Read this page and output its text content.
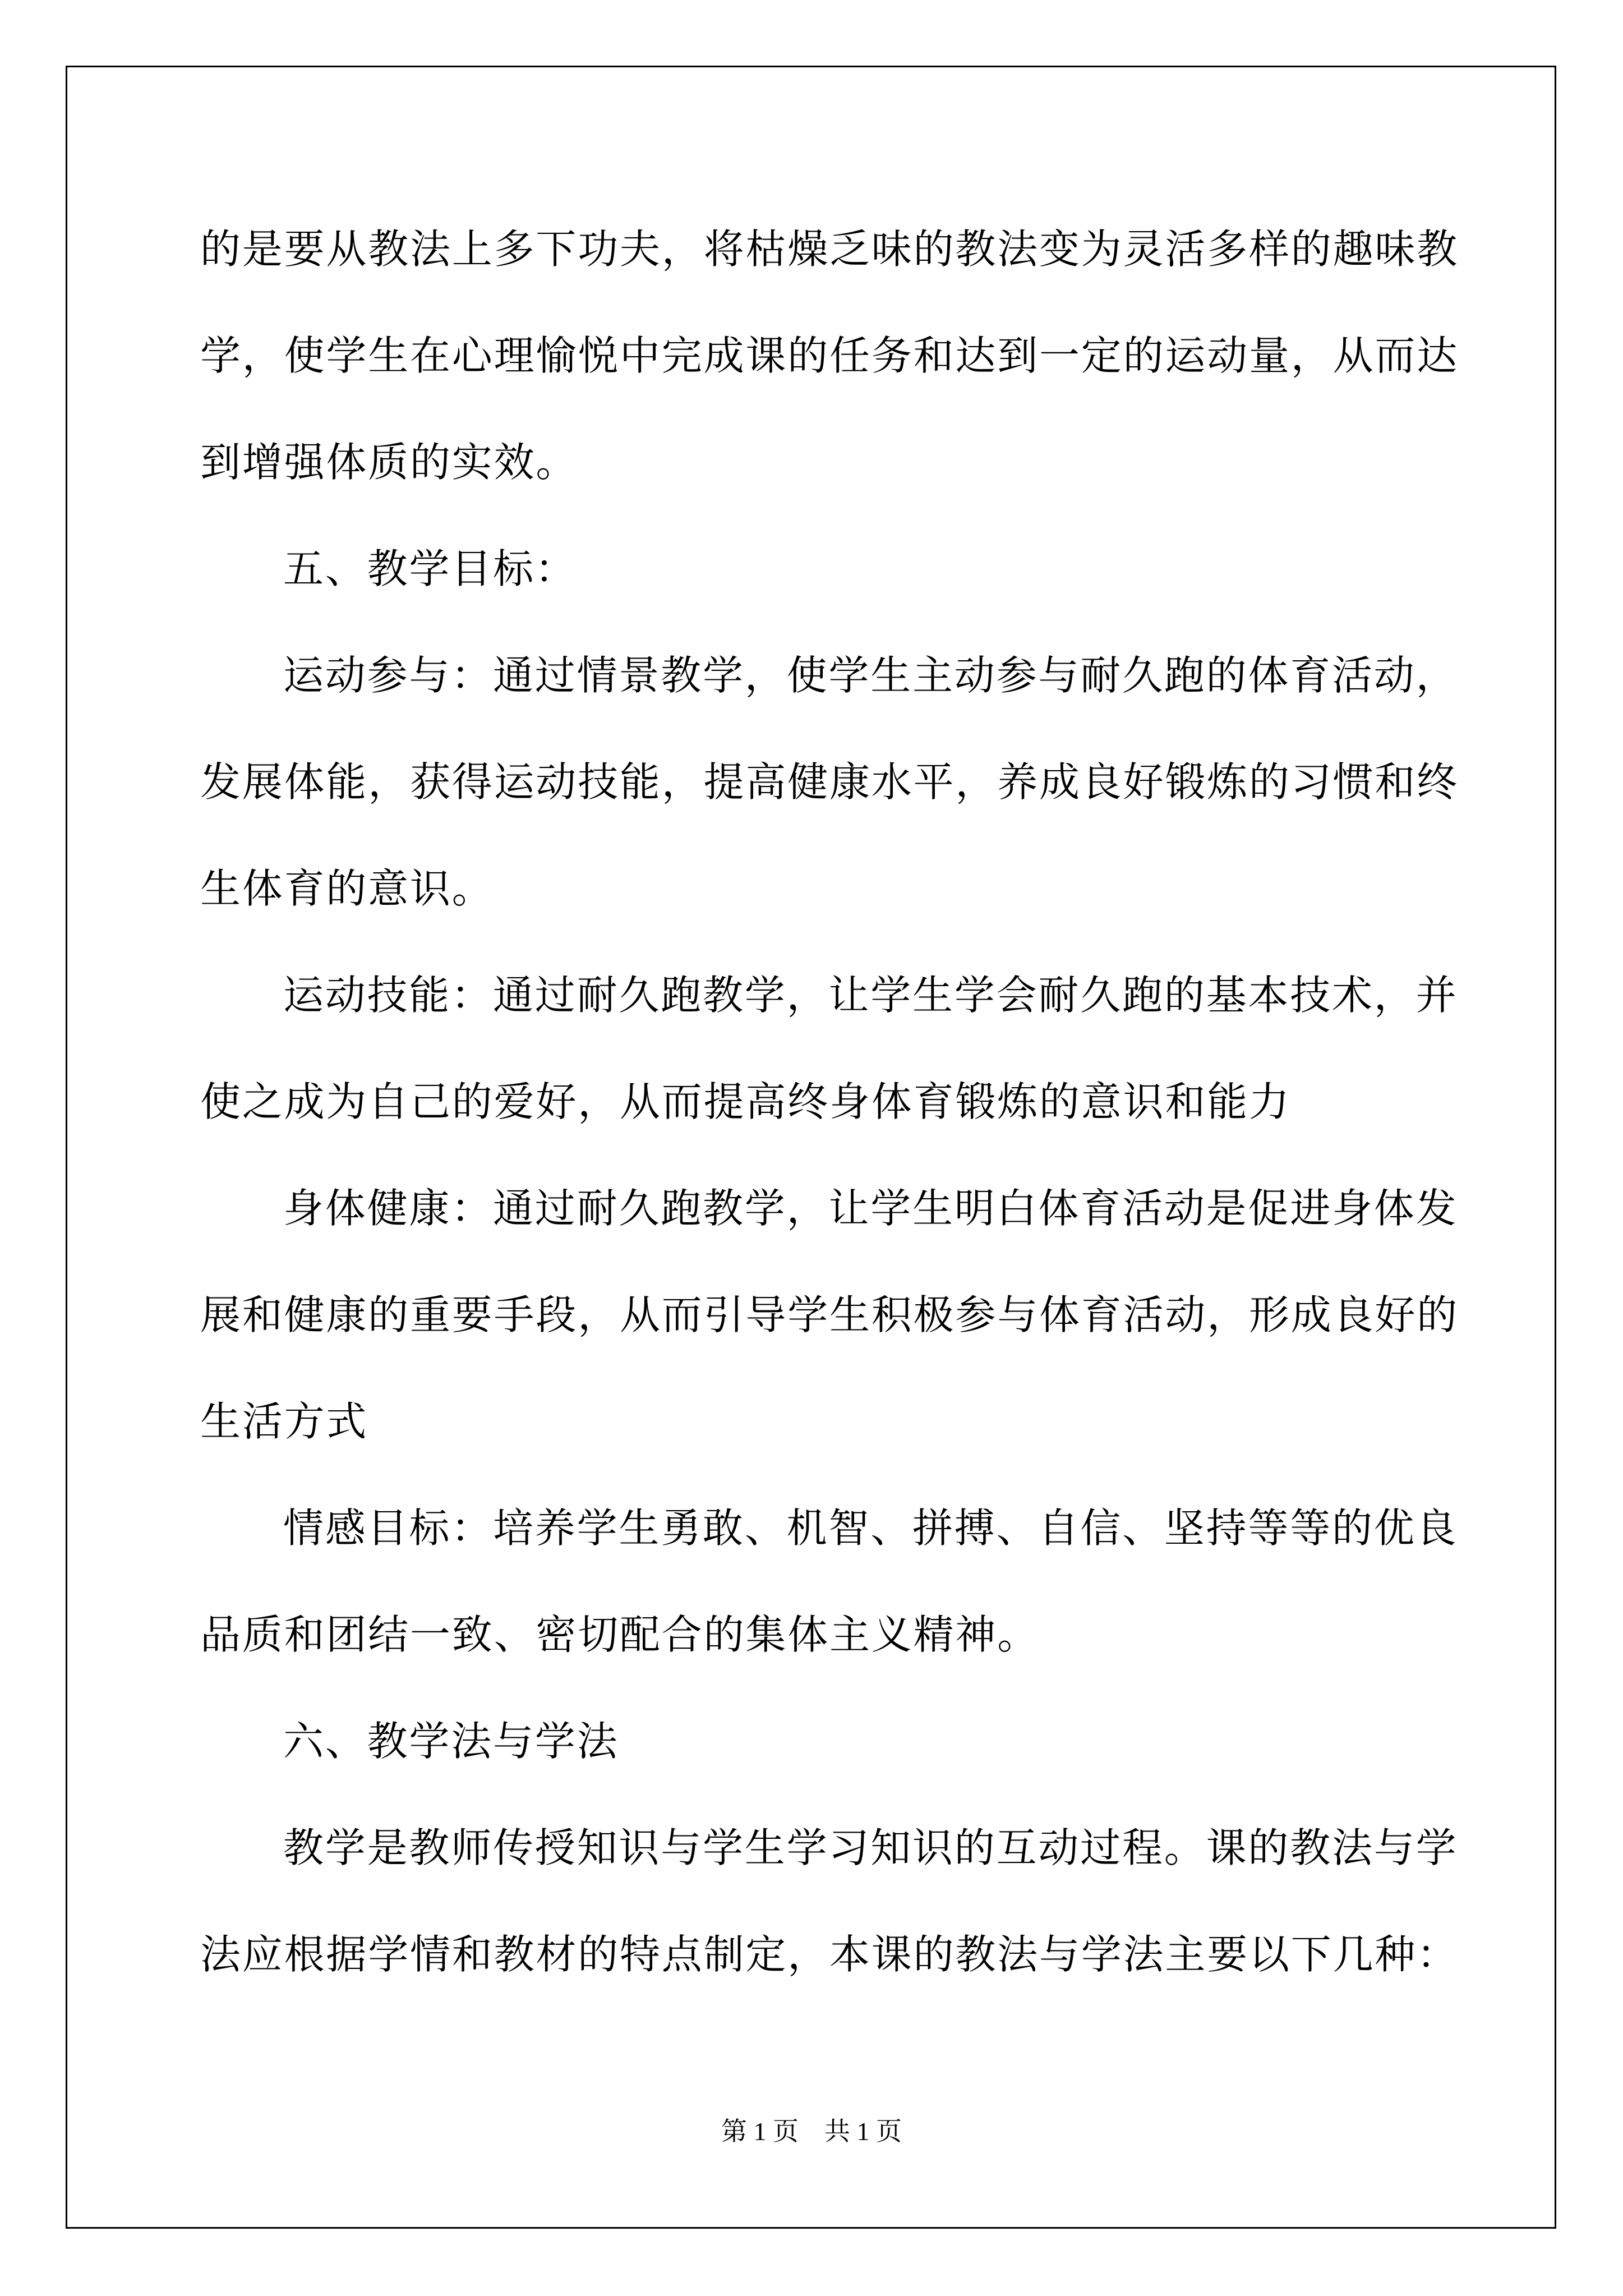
的是要从教法上多下功夫，将枯燥乏味的教法变为灵活多样的趣味教
学，使学生在心理愉悦中完成课的任务和达到一定的运动量，从而达
到增强体质的实效。
五、教学目标：
运动参与：通过情景教学，使学生主动参与耐久跑的体育活动，
发展体能，获得运动技能，提高健康水平，养成良好锻炼的习惯和终
生体育的意识。
运动技能：通过耐久跑教学，让学生学会耐久跑的基本技术，并
使之成为自己的爱好，从而提高终身体育锻炼的意识和能力
身体健康：通过耐久跑教学，让学生明白体育活动是促进身体发
展和健康的重要手段，从而引导学生积极参与体育活动，形成良好的
生活方式
情感目标：培养学生勇敢、机智、拼搏、自信、坚持等等的优良
品质和团结一致、密切配合的集体主义精神。
六、教学法与学法
教学是教师传授知识与学生学习知识的互动过程。课的教法与学
法应根据学情和教材的特点制定，本课的教法与学法主要以下几种：
第 1 页　共 1 页
